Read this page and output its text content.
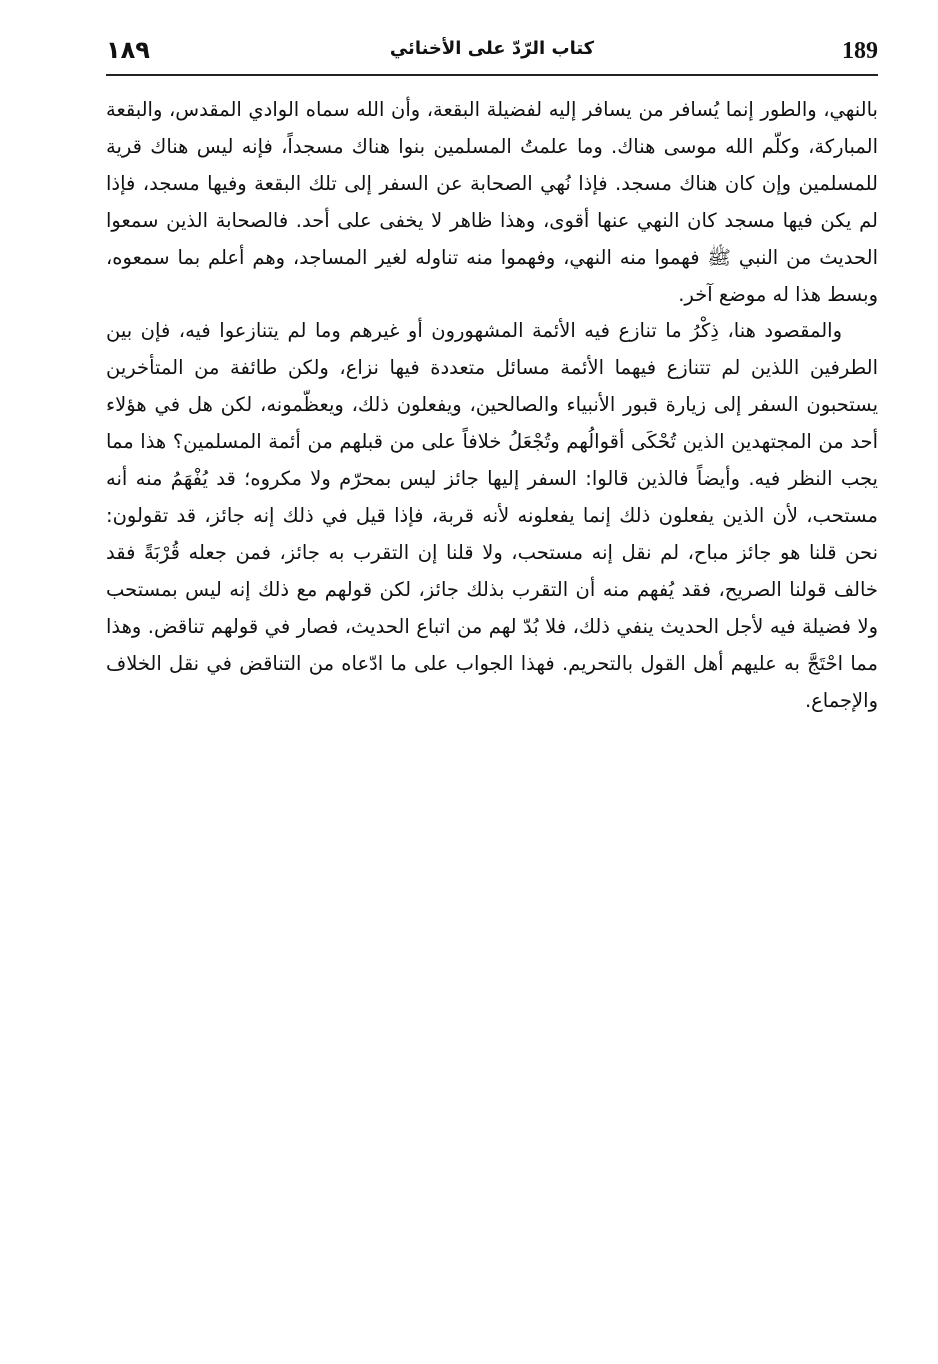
189
كتاب الرّدّ على الأخنائي
١٨٩

بالنهي، والطور إنما يُسافر من يسافر إليه لفضيلة البقعة، وأن الله سماه الوادي المقدس، والبقعة المباركة، وكلّم الله موسى هناك. وما علمتُ المسلمين بنوا هناك مسجداً، فإنه ليس هناك قرية للمسلمين وإن كان هناك مسجد. فإذا نُهي الصحابة عن السفر إلى تلك البقعة وفيها مسجد، فإذا لم يكن فيها مسجد كان النهي عنها أقوى، وهذا ظاهر لا يخفى على أحد. فالصحابة الذين سمعوا الحديث من النبي ﷺ فهموا منه النهي، وفهموا منه تناوله لغير المساجد، وهم أعلم بما سمعوه، وبسط هذا له موضع آخر.

والمقصود هنا، ذِكْرُ ما تنازع فيه الأئمة المشهورون أو غيرهم وما لم يتنازعوا فيه، فإن بين الطرفين اللذين لم تتنازع فيهما الأئمة مسائل متعددة فيها نزاع، ولكن طائفة من المتأخرين يستحبون السفر إلى زيارة قبور الأنبياء والصالحين، ويفعلون ذلك، ويعظّمونه، لكن هل في هؤلاء أحد من المجتهدين الذين تُحْكَى أقوالُهم وتُجْعَلُ خلافاً على من قبلهم من أئمة المسلمين؟ هذا مما يجب النظر فيه. وأيضاً فالذين قالوا: السفر إليها جائز ليس بمحرّم ولا مكروه؛ قد يُفْهَمُ منه أنه مستحب، لأن الذين يفعلون ذلك إنما يفعلونه لأنه قربة، فإذا قيل في ذلك إنه جائز، قد تقولون: نحن قلنا هو جائز مباح، لم نقل إنه مستحب، ولا قلنا إن التقرب به جائز، فمن جعله قُرْبَةً فقد خالف قولنا الصريح، فقد يُفهم منه أن التقرب بذلك جائز، لكن قولهم مع ذلك إنه ليس بمستحب ولا فضيلة فيه لأجل الحديث ينفي ذلك، فلا بُدّ لهم من اتباع الحديث، فصار في قولهم تناقض. وهذا مما احْتَجَّ به عليهم أهل القول بالتحريم. فهذا الجواب على ما ادّعاه من التناقض في نقل الخلاف والإجماع.
